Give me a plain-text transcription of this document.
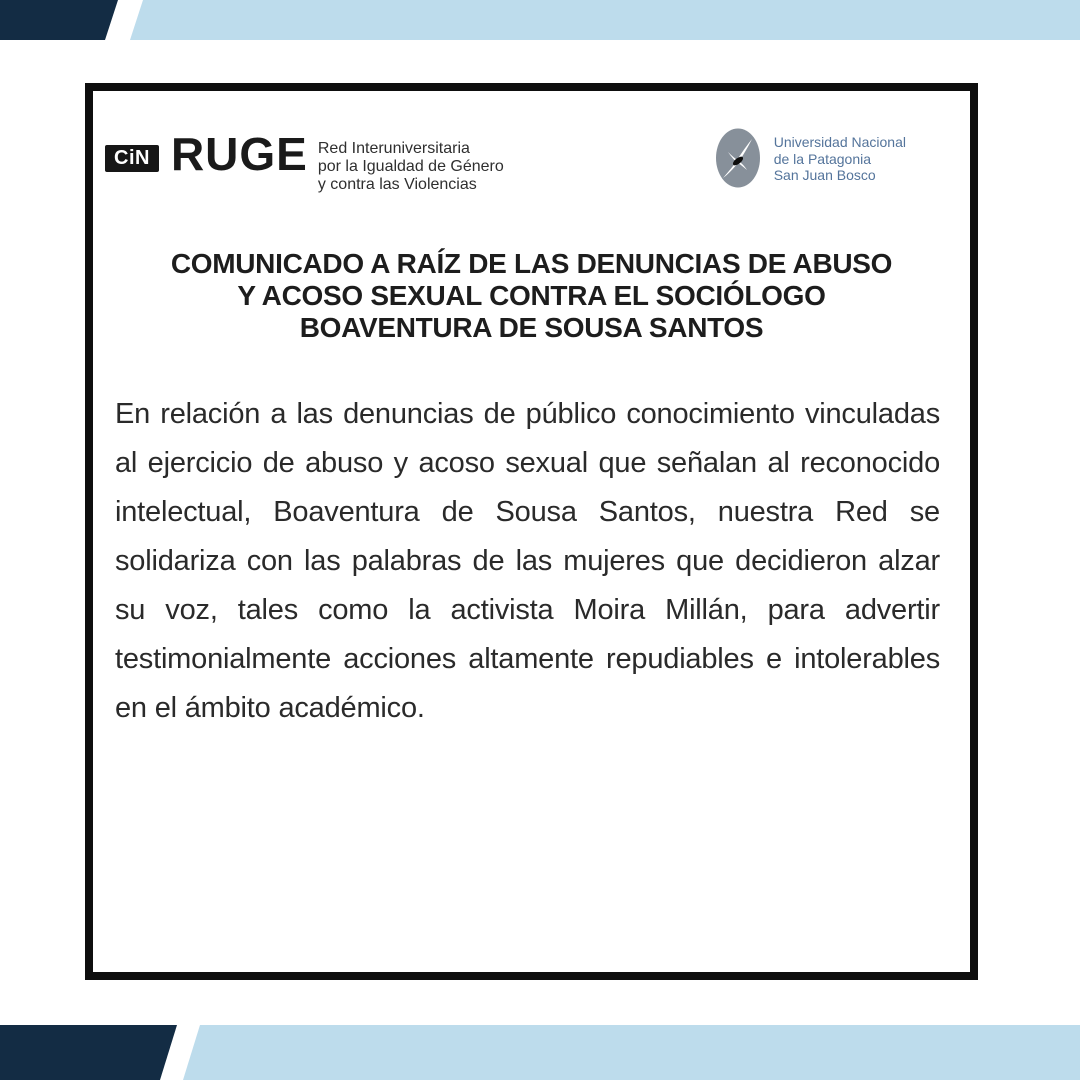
CiN RUGE Red Interuniversitaria
por la Igualdad de Género
y contra las Violencias
Universidad Nacional
de la Patagonia
San Juan Bosco
COMUNICADO A RAÍZ DE LAS DENUNCIAS DE ABUSO
Y ACOSO SEXUAL CONTRA EL SOCIÓLOGO
BOAVENTURA DE SOUSA SANTOS

En relación a las denuncias de público conocimiento vinculadas al ejercicio de abuso y acoso sexual que señalan al reconocido intelectual, Boaventura de Sousa Santos, nuestra Red se solidariza con las palabras de las mujeres que decidieron alzar su voz, tales como la activista Moira Millán, para advertir testimonialmente acciones altamente repudiables e intolerables en el ámbito académico.
